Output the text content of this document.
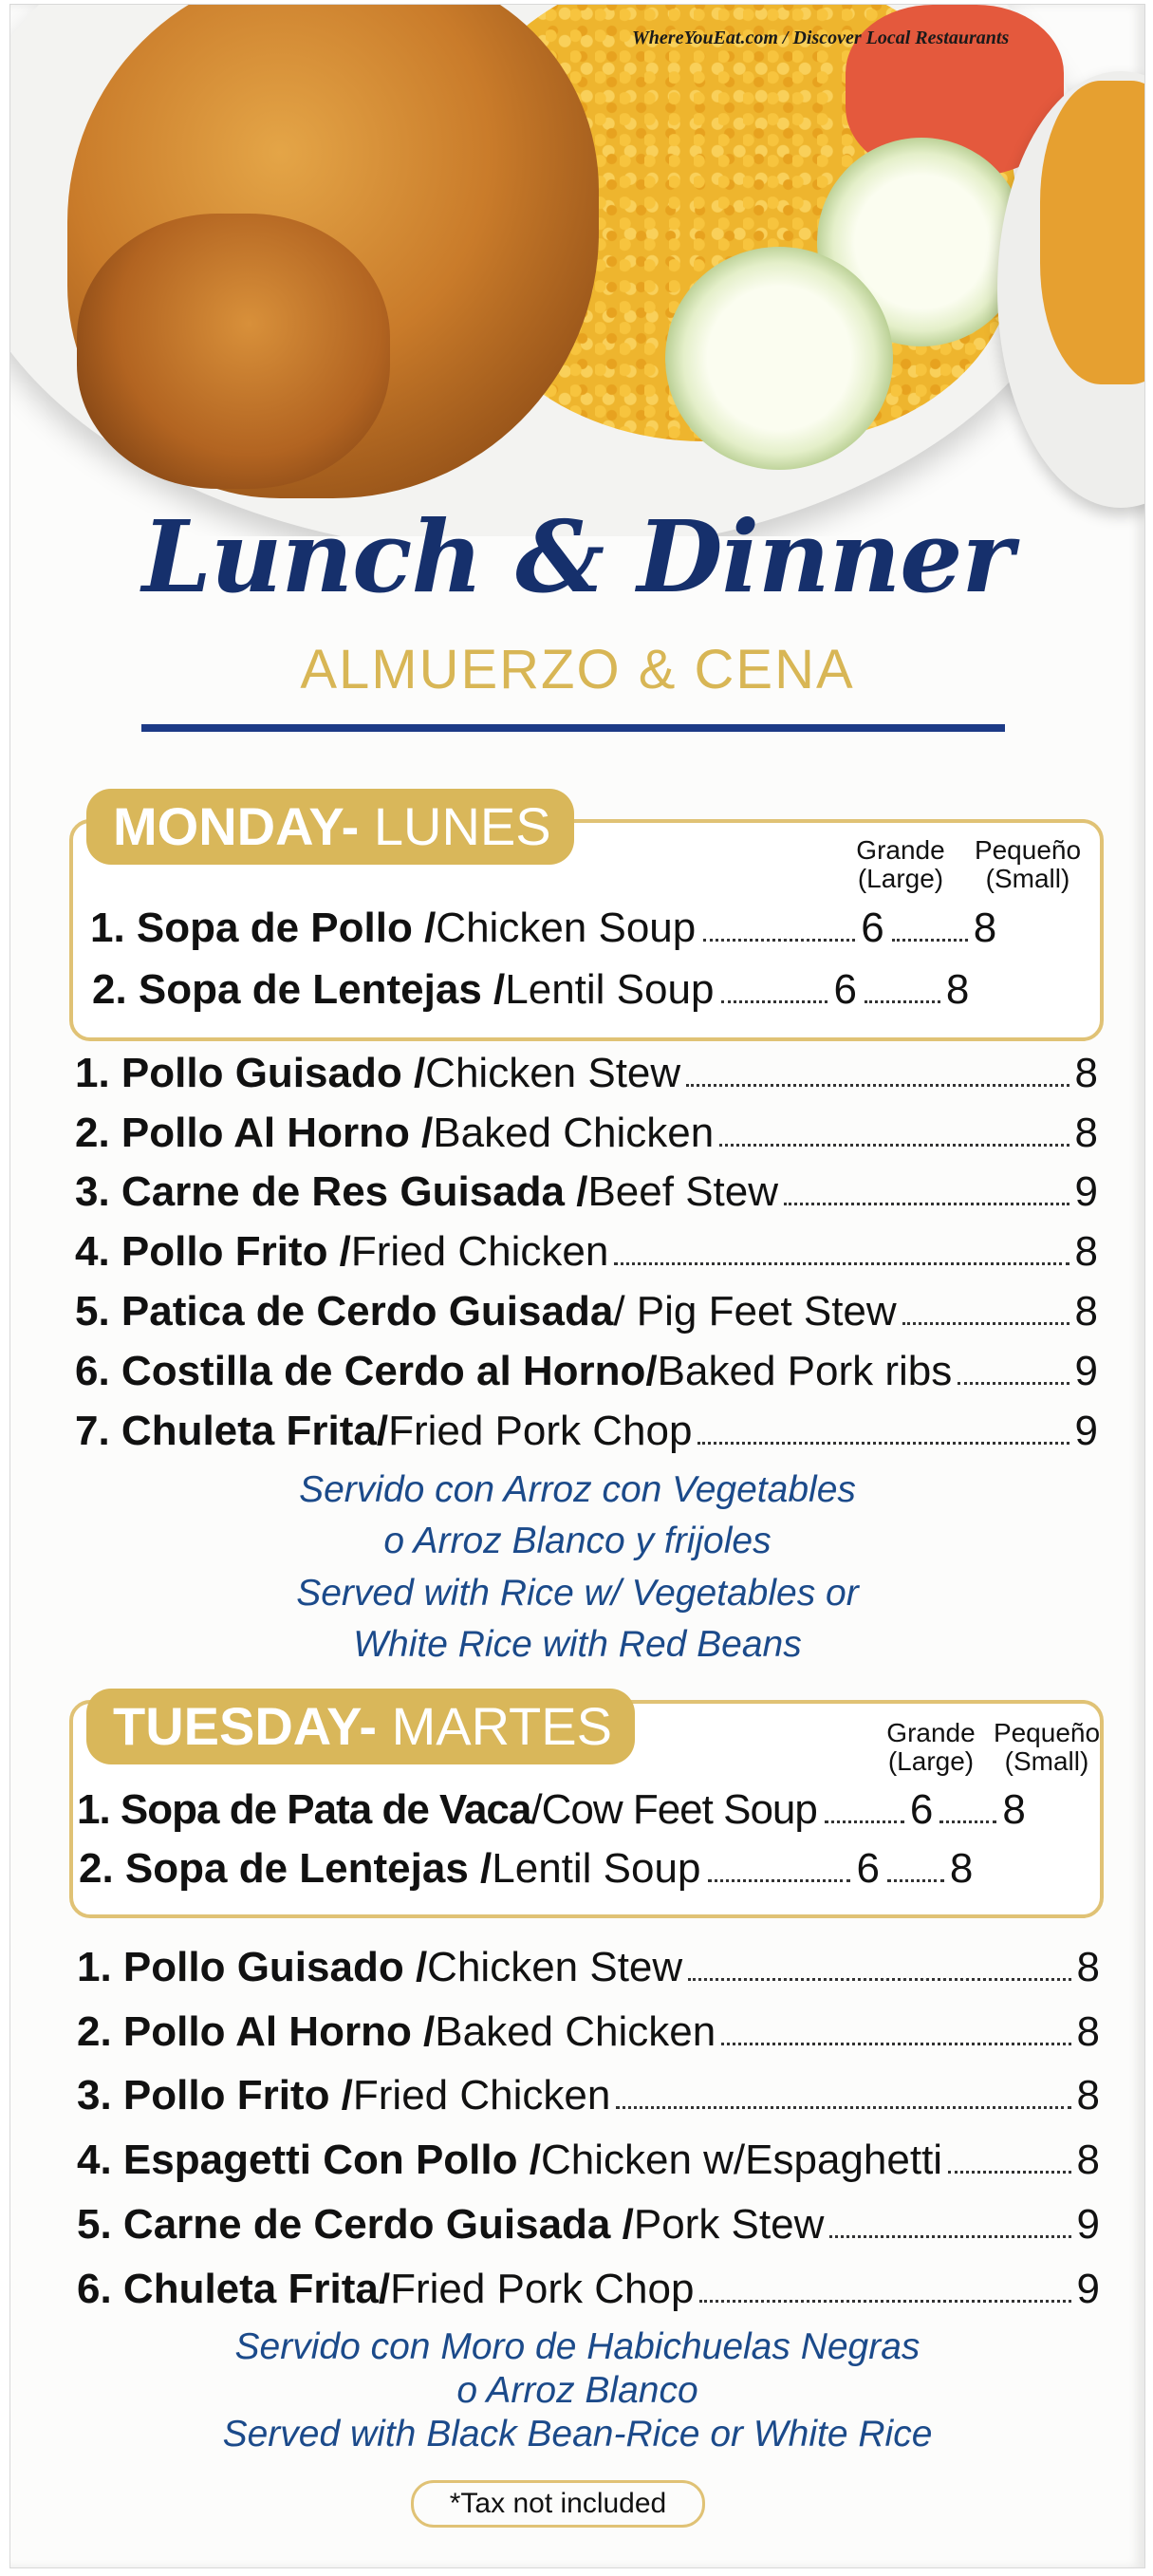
WhereYouEat.com / Discover Local Restaurants
Lunch & Dinner
ALMUERZO & CENA
MONDAY- LUNES	Grande
(Large)
Pequeño
(Small)
1. Sopa de Pollo / Chicken Soup	6 8
2. Sopa de Lentejas / Lentil Soup	6 8
1. Pollo Guisado / Chicken Stew	8
2. Pollo Al Horno / Baked Chicken	8
3. Carne de Res Guisada / Beef Stew	9
4. Pollo Frito / Fried Chicken	8
5. Patica de Cerdo Guisada / Pig Feet Stew	8
6. Costilla de Cerdo al Horno/ Baked Pork ribs	9
7. Chuleta Frita/ Fried Pork Chop	9
Servido con Arroz con Vegetables
o Arroz Blanco y frijoles
Served with Rice w/ Vegetables or
White Rice with Red Beans
TUESDAY- MARTES	Grande
(Large)
Pequeño
(Small)
1. Sopa de Pata de Vaca /Cow Feet Soup 6 8
2. Sopa de Lentejas / Lentil Soup	6 8
1. Pollo Guisado / Chicken Stew	8
2. Pollo Al Horno / Baked Chicken	8
3. Pollo Frito / Fried Chicken	8
4. Espagetti Con Pollo / Chicken w/Espaghetti	8
5. Carne de Cerdo Guisada / Pork Stew	9
6. Chuleta Frita/ Fried Pork Chop	9
Servido con Moro de Habichuelas Negras
o Arroz Blanco
Served with Black Bean-Rice or White Rice
*Tax not included
